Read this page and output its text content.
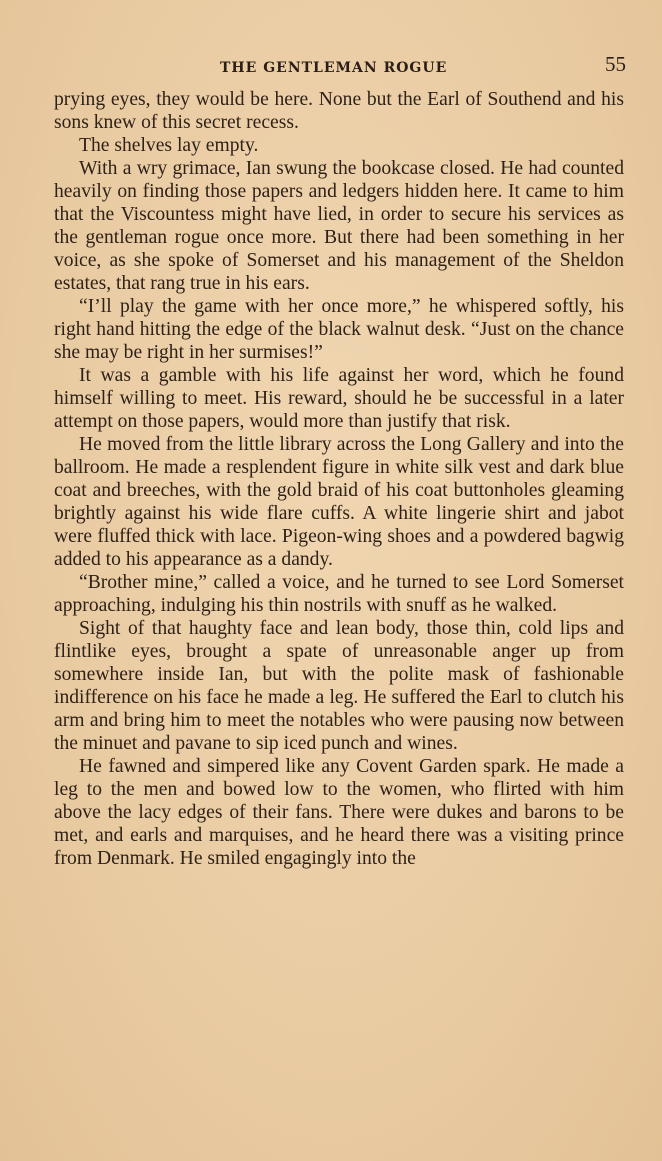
THE GENTLEMAN ROGUE	55

prying eyes, they would be here. None but the Earl of Southend and his sons knew of this secret recess.

The shelves lay empty.

With a wry grimace, Ian swung the bookcase closed. He had counted heavily on finding those papers and ledgers hidden here. It came to him that the Viscountess might have lied, in order to secure his services as the gentleman rogue once more. But there had been something in her voice, as she spoke of Somerset and his management of the Sheldon estates, that rang true in his ears.

“I’ll play the game with her once more,” he whispered softly, his right hand hitting the edge of the black walnut desk. “Just on the chance she may be right in her surmises!”

It was a gamble with his life against her word, which he found himself willing to meet. His reward, should he be successful in a later attempt on those papers, would more than justify that risk.

He moved from the little library across the Long Gallery and into the ballroom. He made a resplendent figure in white silk vest and dark blue coat and breeches, with the gold braid of his coat buttonholes gleaming brightly against his wide flare cuffs. A white lingerie shirt and jabot were fluffed thick with lace. Pigeon-wing shoes and a powdered bagwig added to his appearance as a dandy.

“Brother mine,” called a voice, and he turned to see Lord Somerset approaching, indulging his thin nostrils with snuff as he walked.

Sight of that haughty face and lean body, those thin, cold lips and flintlike eyes, brought a spate of unreasonable anger up from somewhere inside Ian, but with the polite mask of fashionable indifference on his face he made a leg. He suffered the Earl to clutch his arm and bring him to meet the notables who were pausing now between the minuet and pavane to sip iced punch and wines.

He fawned and simpered like any Covent Garden spark. He made a leg to the men and bowed low to the women, who flirted with him above the lacy edges of their fans. There were dukes and barons to be met, and earls and marquises, and he heard there was a visiting prince from Denmark. He smiled engagingly into the
